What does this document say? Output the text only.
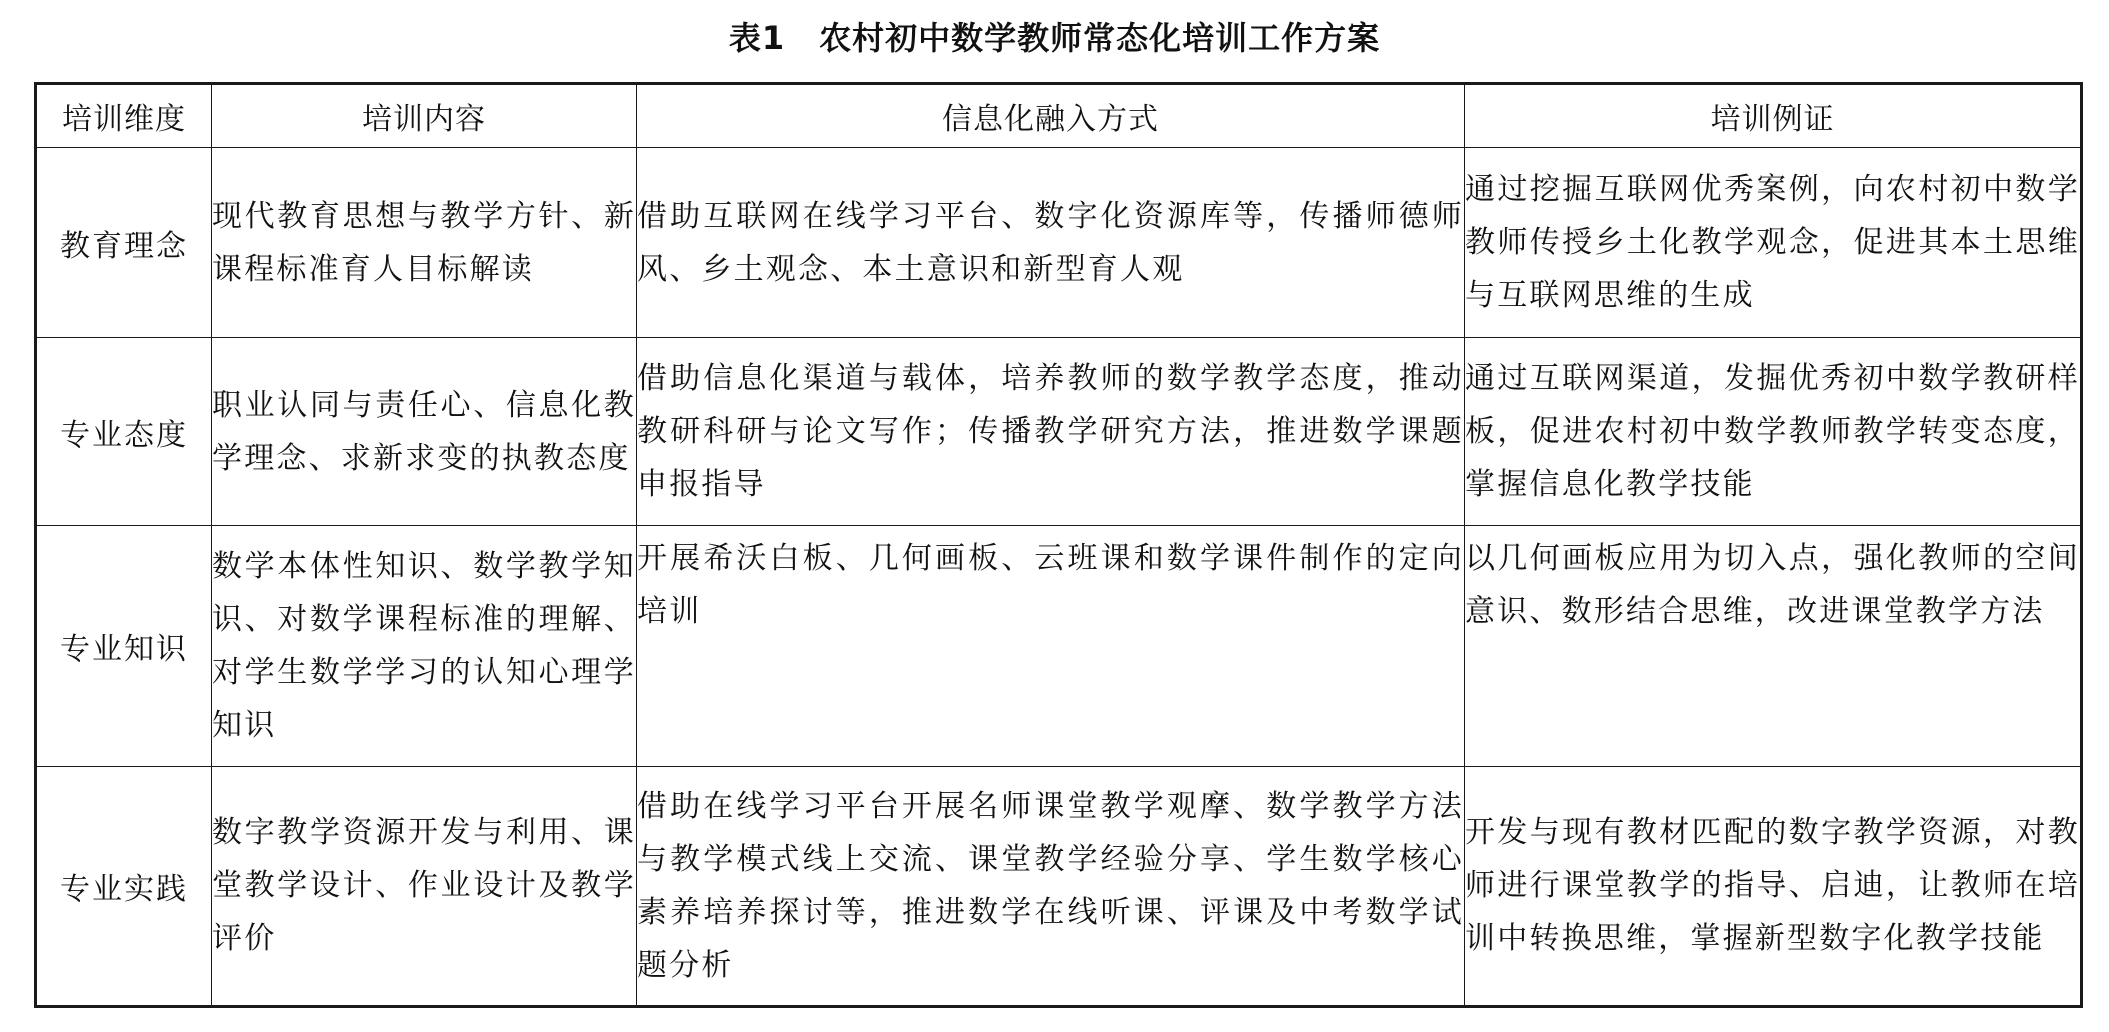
表1 农村初中数学教师常态化培训工作方案
培训维度	培训内容	信息化融入方式	培训例证
教育理念	现代教育思想与教学方针、新课程标准育人目标解读	借助互联网在线学习平台、数字化资源库等，传播师德师风、乡土观念、本土意识和新型育人观	通过挖掘互联网优秀案例，向农村初中数学教师传授乡土化教学观念，促进其本土思维与互联网思维的生成
专业态度	职业认同与责任心、信息化教学理念、求新求变的执教态度	借助信息化渠道与载体，培养教师的数学教学态度，推动教研科研与论文写作；传播教学研究方法，推进数学课题申报指导	通过互联网渠道，发掘优秀初中数学教研样板，促进农村初中数学教师教学转变态度，掌握信息化教学技能
专业知识	数学本体性知识、数学教学知识、对数学课程标准的理解、对学生数学学习的认知心理学知识	开展希沃白板、几何画板、云班课和数学课件制作的定向培训	以几何画板应用为切入点，强化教师的空间意识、数形结合思维，改进课堂教学方法
专业实践	数字教学资源开发与利用、课堂教学设计、作业设计及教学评价	借助在线学习平台开展名师课堂教学观摩、数学教学方法与教学模式线上交流、课堂教学经验分享、学生数学核心素养培养探讨等，推进数学在线听课、评课及中考数学试题分析	开发与现有教材匹配的数字教学资源，对教师进行课堂教学的指导、启迪，让教师在培训中转换思维，掌握新型数字化教学技能
